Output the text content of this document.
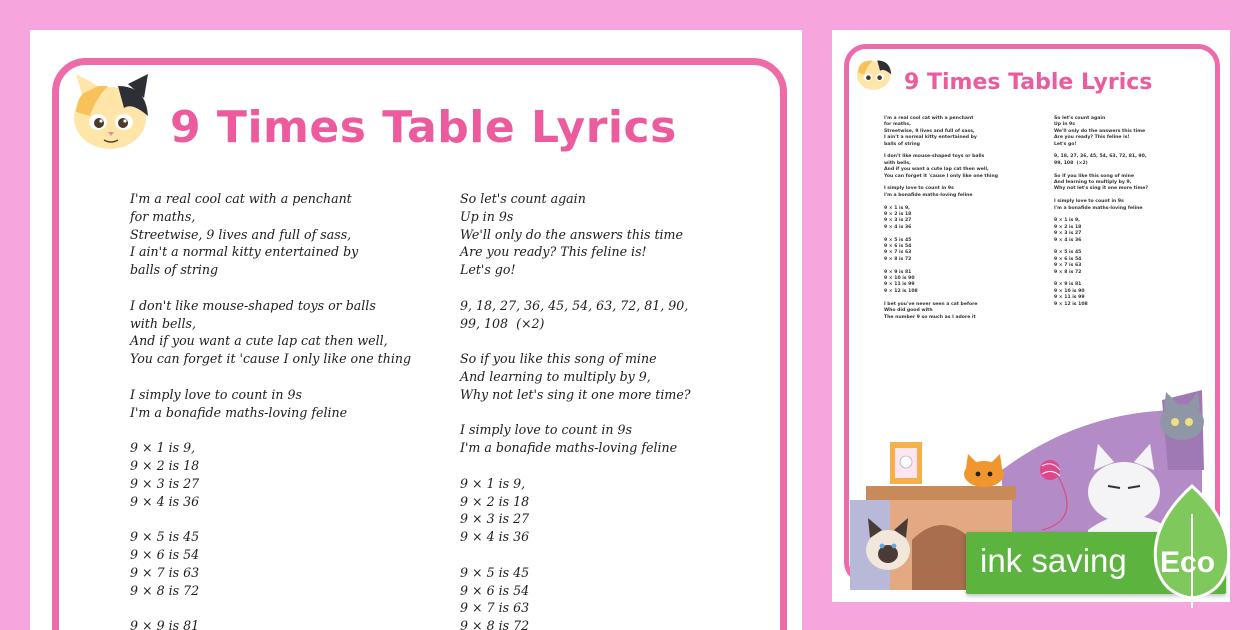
9 Times Table Lyrics
I'm a real cool cat with a penchant
for maths,
Streetwise, 9 lives and full of sass,
I ain't a normal kitty entertained by
balls of string
I don't like mouse-shaped toys or balls
with bells,
And if you want a cute lap cat then well,
You can forget it 'cause I only like one thing
I simply love to count in 9s
I'm a bonafide maths-loving feline
9 × 1 is 9,
9 × 2 is 18
9 × 3 is 27
9 × 4 is 36
9 × 5 is 45
9 × 6 is 54
9 × 7 is 63
9 × 8 is 72
9 × 9 is 81
So let's count again
Up in 9s
We'll only do the answers this time
Are you ready? This feline is!
Let's go!
9, 18, 27, 36, 45, 54, 63, 72, 81, 90,
99, 108  (×2)
So if you like this song of mine
And learning to multiply by 9,
Why not let's sing it one more time?
I simply love to count in 9s
I'm a bonafide maths-loving feline
9 × 1 is 9,
9 × 2 is 18
9 × 3 is 27
9 × 4 is 36
9 × 5 is 45
9 × 6 is 54
9 × 7 is 63
9 × 8 is 72
9 Times Table Lyrics
I'm a real cool cat with a penchant
for maths,
Streetwise, 9 lives and full of sass,
I ain't a normal kitty entertained by
balls of string
I don't like mouse-shaped toys or balls
with bells,
And if you want a cute lap cat then well,
You can forget it 'cause I only like one thing
I simply love to count in 9s
I'm a bonafide maths-loving feline
9 × 1 is 9,
9 × 2 is 18
9 × 3 is 27
9 × 4 is 36
9 × 5 is 45
9 × 6 is 54
9 × 7 is 63
9 × 8 is 72
9 × 9 is 81
9 × 10 is 90
9 × 11 is 99
9 × 12 is 108
I bet you've never seen a cat before
Who did good with
The number 9 so much as I adore it
So let's count again
Up in 9s
We'll only do the answers this time
Are you ready? This feline is!
Let's go!
9, 18, 27, 36, 45, 54, 63, 72, 81, 90,
99, 108  (×2)
So if you like this song of mine
And learning to multiply by 9,
Why not let's sing it one more time?
I simply love to count in 9s
I'm a bonafide maths-loving feline
9 × 1 is 9,
9 × 2 is 18
9 × 3 is 27
9 × 4 is 36
9 × 5 is 45
9 × 6 is 54
9 × 7 is 63
9 × 8 is 72
9 × 9 is 81
9 × 10 is 90
9 × 11 is 99
9 × 12 is 108
ink saving Eco
